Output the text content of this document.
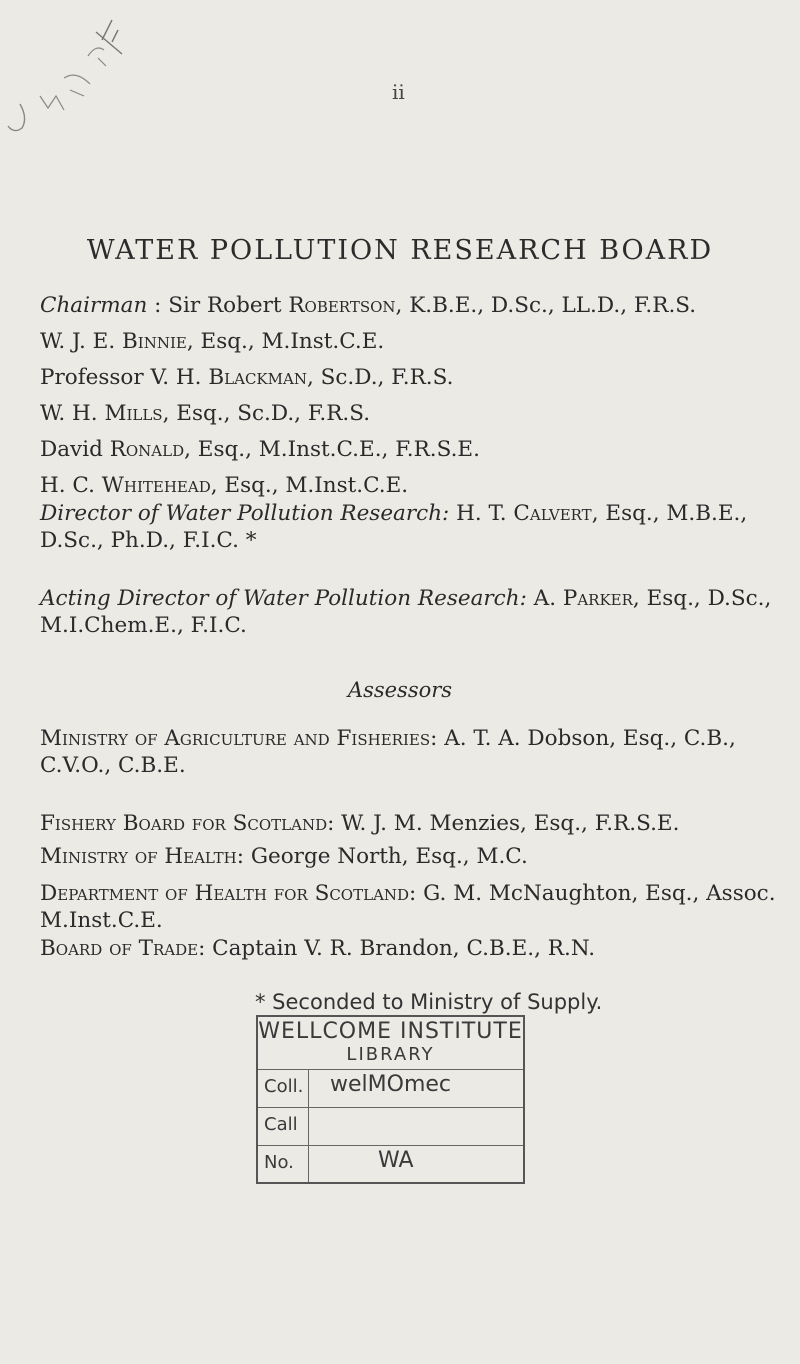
ii
WATER POLLUTION RESEARCH BOARD
Chairman : Sir Robert Robertson, K.B.E., D.Sc., LL.D., F.R.S.
W. J. E. Binnie, Esq., M.Inst.C.E.
Professor V. H. Blackman, Sc.D., F.R.S.
W. H. Mills, Esq., Sc.D., F.R.S.
David Ronald, Esq., M.Inst.C.E., F.R.S.E.
H. C. Whitehead, Esq., M.Inst.C.E.
Director of Water Pollution Research: H. T. Calvert, Esq., M.B.E., D.Sc., Ph.D., F.I.C. *
Acting Director of Water Pollution Research: A. Parker, Esq., D.Sc., M.I.Chem.E., F.I.C.
Assessors
Ministry of Agriculture and Fisheries: A. T. A. Dobson, Esq., C.B., C.V.O., C.B.E.
Fishery Board for Scotland: W. J. M. Menzies, Esq., F.R.S.E.
Ministry of Health: George North, Esq., M.C.
Department of Health for Scotland: G. M. McNaughton, Esq., Assoc. M.Inst.C.E.
Board of Trade: Captain V. R. Brandon, C.B.E., R.N.
* Seconded to Ministry of Supply.
WELLCOME INSTITUTE
LIBRARY
Coll. welMOmec
Call
No.	WA
